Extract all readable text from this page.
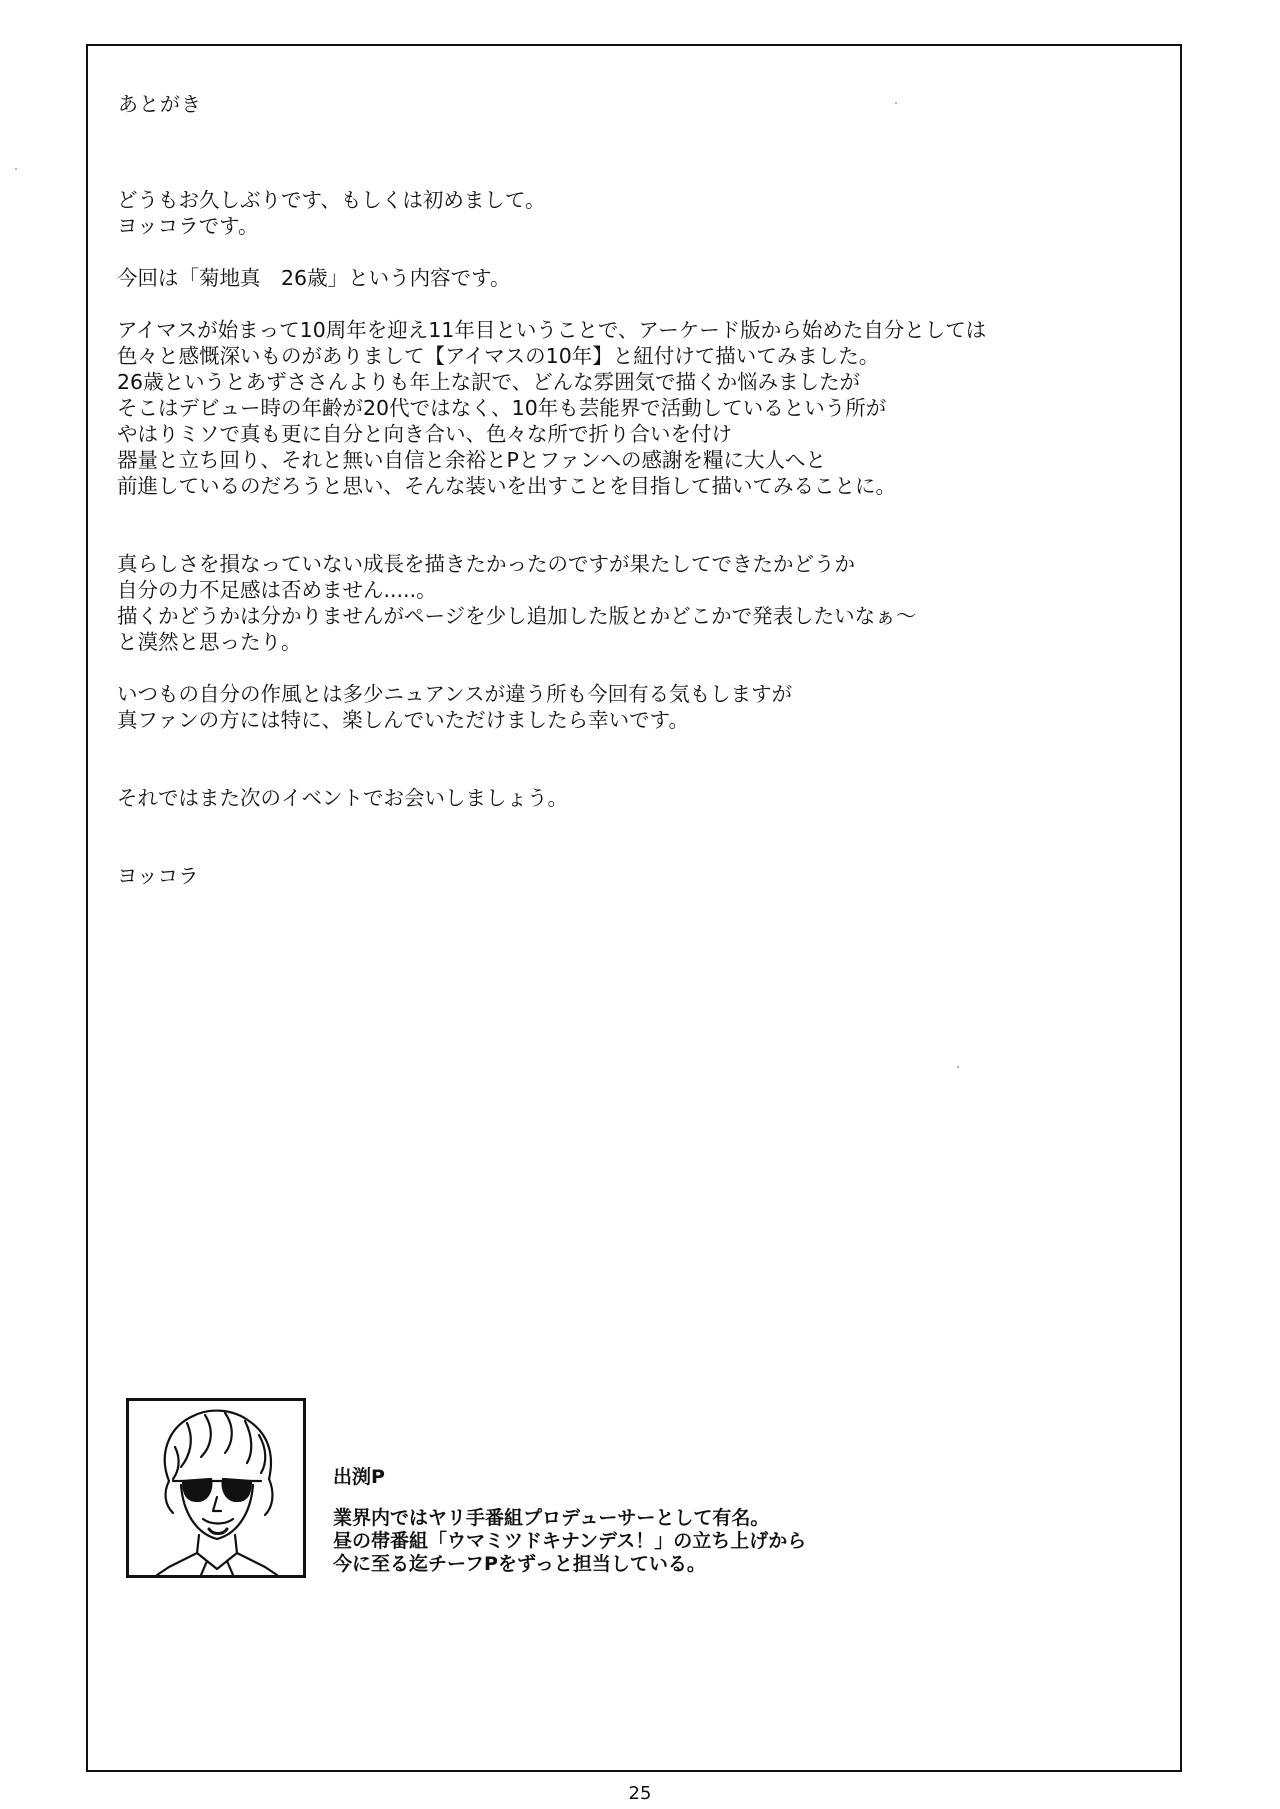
あとがき
どうもお久しぶりです、もしくは初めまして。
ヨッコラです。
今回は「菊地真　26歳」という内容です。
アイマスが始まって10周年を迎え11年目ということで、アーケード版から始めた自分としては
色々と感慨深いものがありまして【アイマスの10年】と紐付けて描いてみました。
26歳というとあずささんよりも年上な訳で、どんな雰囲気で描くか悩みましたが
そこはデビュー時の年齢が20代ではなく、10年も芸能界で活動しているという所が
やはりミソで真も更に自分と向き合い、色々な所で折り合いを付け
器量と立ち回り、それと無い自信と余裕とPとファンへの感謝を糧に大人へと
前進しているのだろうと思い、そんな装いを出すことを目指して描いてみることに。
真らしさを損なっていない成長を描きたかったのですが果たしてできたかどうか
自分の力不足感は否めません.....。
描くかどうかは分かりませんがページを少し追加した版とかどこかで発表したいなぁ～
と漠然と思ったり。
いつもの自分の作風とは多少ニュアンスが違う所も今回有る気もしますが
真ファンの方には特に、楽しんでいただけましたら幸いです。
それではまた次のイベントでお会いしましょう。
ヨッコラ
出渕P
業界内ではヤリ手番組プロデューサーとして有名。
昼の帯番組「ウマミツドキナンデス！」の立ち上げから
今に至る迄チーフPをずっと担当している。
25
